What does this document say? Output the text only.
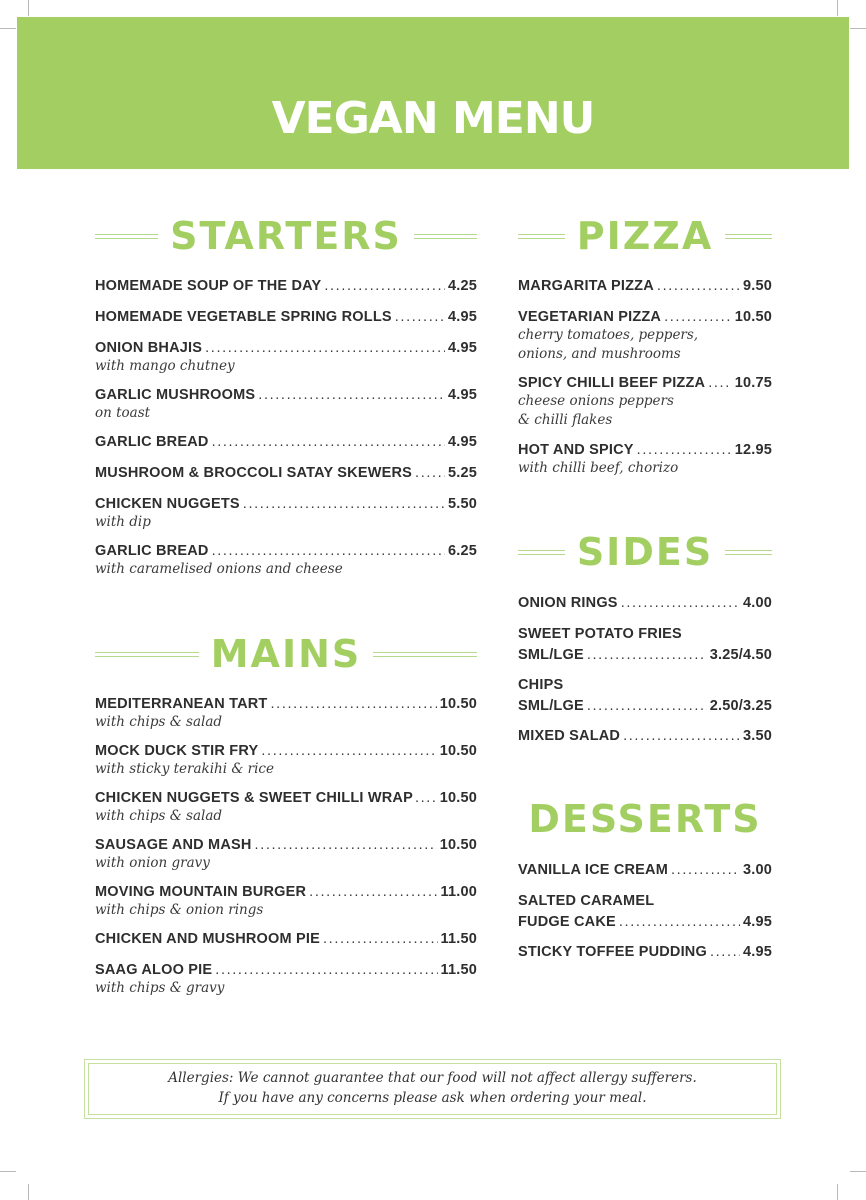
VEGAN MENU
STARTERS
HOMEMADE SOUP OF THE DAY . . .	4.25
HOMEMADE VEGETABLE SPRING ROLLS . . .	4.95
ONION BHAJIS . . .	4.95
with mango chutney
GARLIC MUSHROOMS . . .	4.95
on toast
GARLIC BREAD . . .	4.95
MUSHROOM & BROCCOLI SATAY SKEWERS . . . 5.25
CHICKEN NUGGETS . . .	5.50
with dip
GARLIC BREAD . . .	6.25
with caramelised onions and cheese
MAINS
MEDITERRANEAN TART . . .	10.50
with chips & salad
MOCK DUCK STIR FRY . . .	10.50
with sticky terakihi & rice
CHICKEN NUGGETS & SWEET CHILLI WRAP . . . 10.50
with chips & salad
SAUSAGE AND MASH . . .	10.50
with onion gravy
MOVING MOUNTAIN BURGER . . .	11.00
with chips & onion rings
CHICKEN AND MUSHROOM PIE . . .	11.50
SAAG ALOO PIE . . .	11.50
with chips & gravy
PIZZA
MARGARITA PIZZA . . .	9.50
VEGETARIAN PIZZA . . .	10.50
cherry tomatoes, peppers,
onions, and mushrooms
SPICY CHILLI BEEF PIZZA . . . 10.75
cheese onions peppers
& chilli flakes
HOT AND SPICY . . .	12.95
with chilli beef, chorizo
SIDES
ONION RINGS . . .	4.00
SWEET POTATO FRIES
SML/LGE . . .	3.25/4.50
CHIPS
SML/LGE . . .	2.50/3.25
MIXED SALAD . . .	3.50
DESSERTS
VANILLA ICE CREAM . . .	3.00
SALTED CARAMEL
FUDGE CAKE . . .	4.95
STICKY TOFFEE PUDDING . . . 4.95

Allergies: We cannot guarantee that our food will not affect allergy sufferers.

If you have any concerns please ask when ordering your meal.
